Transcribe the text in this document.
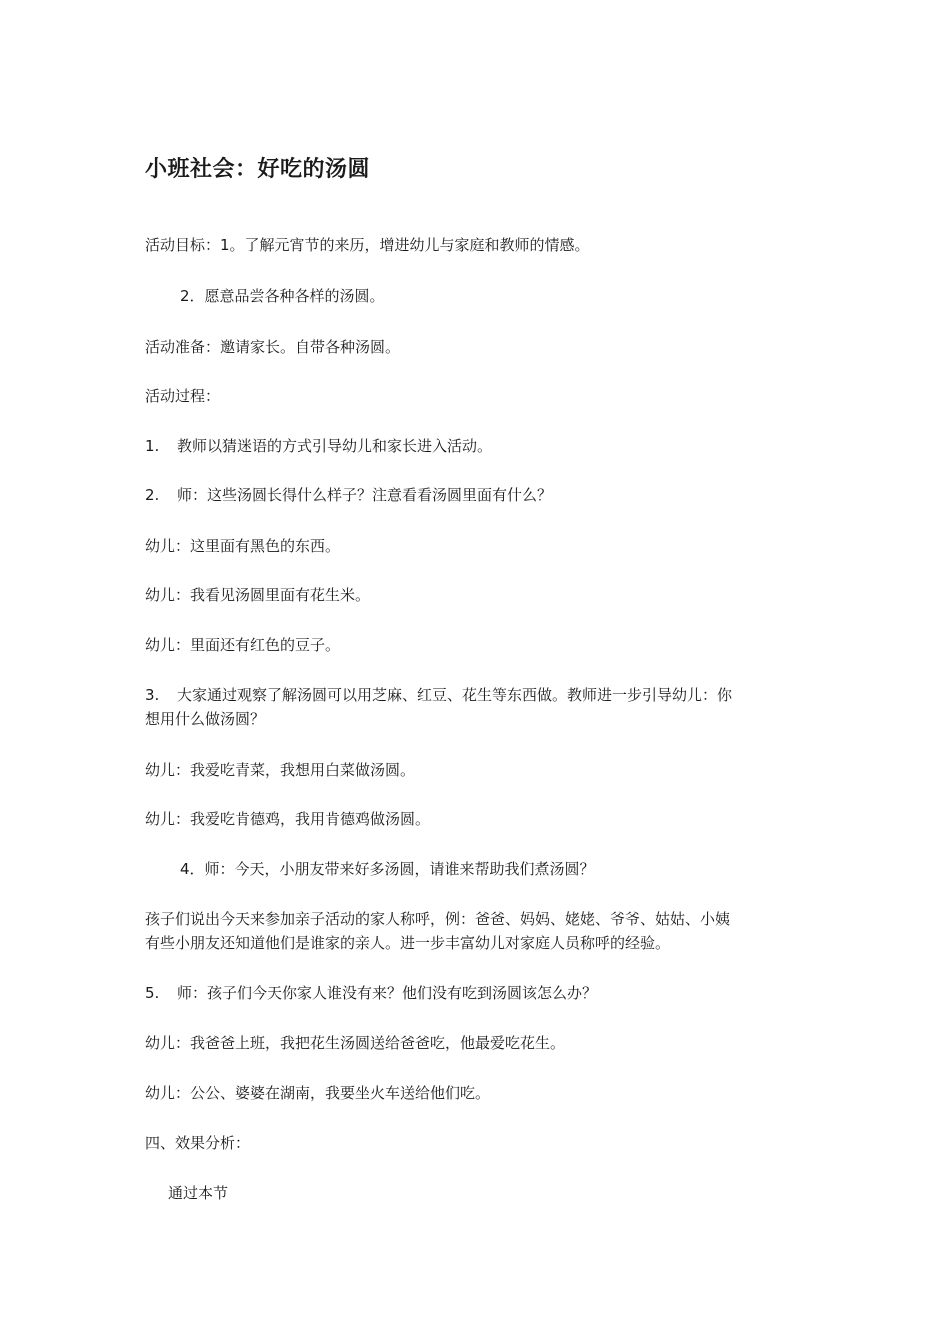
小班社会：好吃的汤圆
活动目标：1。了解元宵节的来历，增进幼儿与家庭和教师的情感。
2．愿意品尝各种各样的汤圆。
活动准备：邀请家长。自带各种汤圆。
活动过程：
1. 教师以猜迷语的方式引导幼儿和家长进入活动。
2. 师：这些汤圆长得什么样子？注意看看汤圆里面有什么？
幼儿：这里面有黑色的东西。
幼儿：我看见汤圆里面有花生米。
幼儿：里面还有红色的豆子。
3. 大家通过观察了解汤圆可以用芝麻、红豆、花生等东西做。教师进一步引导幼儿：你
想用什么做汤圆？
幼儿：我爱吃青菜，我想用白菜做汤圆。
幼儿：我爱吃肯德鸡，我用肯德鸡做汤圆。
4．师：今天，小朋友带来好多汤圆，请谁来帮助我们煮汤圆？
孩子们说出今天来参加亲子活动的家人称呼，例：爸爸、妈妈、姥姥、爷爷、姑姑、小姨
有些小朋友还知道他们是谁家的亲人。进一步丰富幼儿对家庭人员称呼的经验。
5. 师：孩子们今天你家人谁没有来？他们没有吃到汤圆该怎么办？
幼儿：我爸爸上班，我把花生汤圆送给爸爸吃，他最爱吃花生。
幼儿：公公、婆婆在湖南，我要坐火车送给他们吃。
四、效果分析：
通过本节
